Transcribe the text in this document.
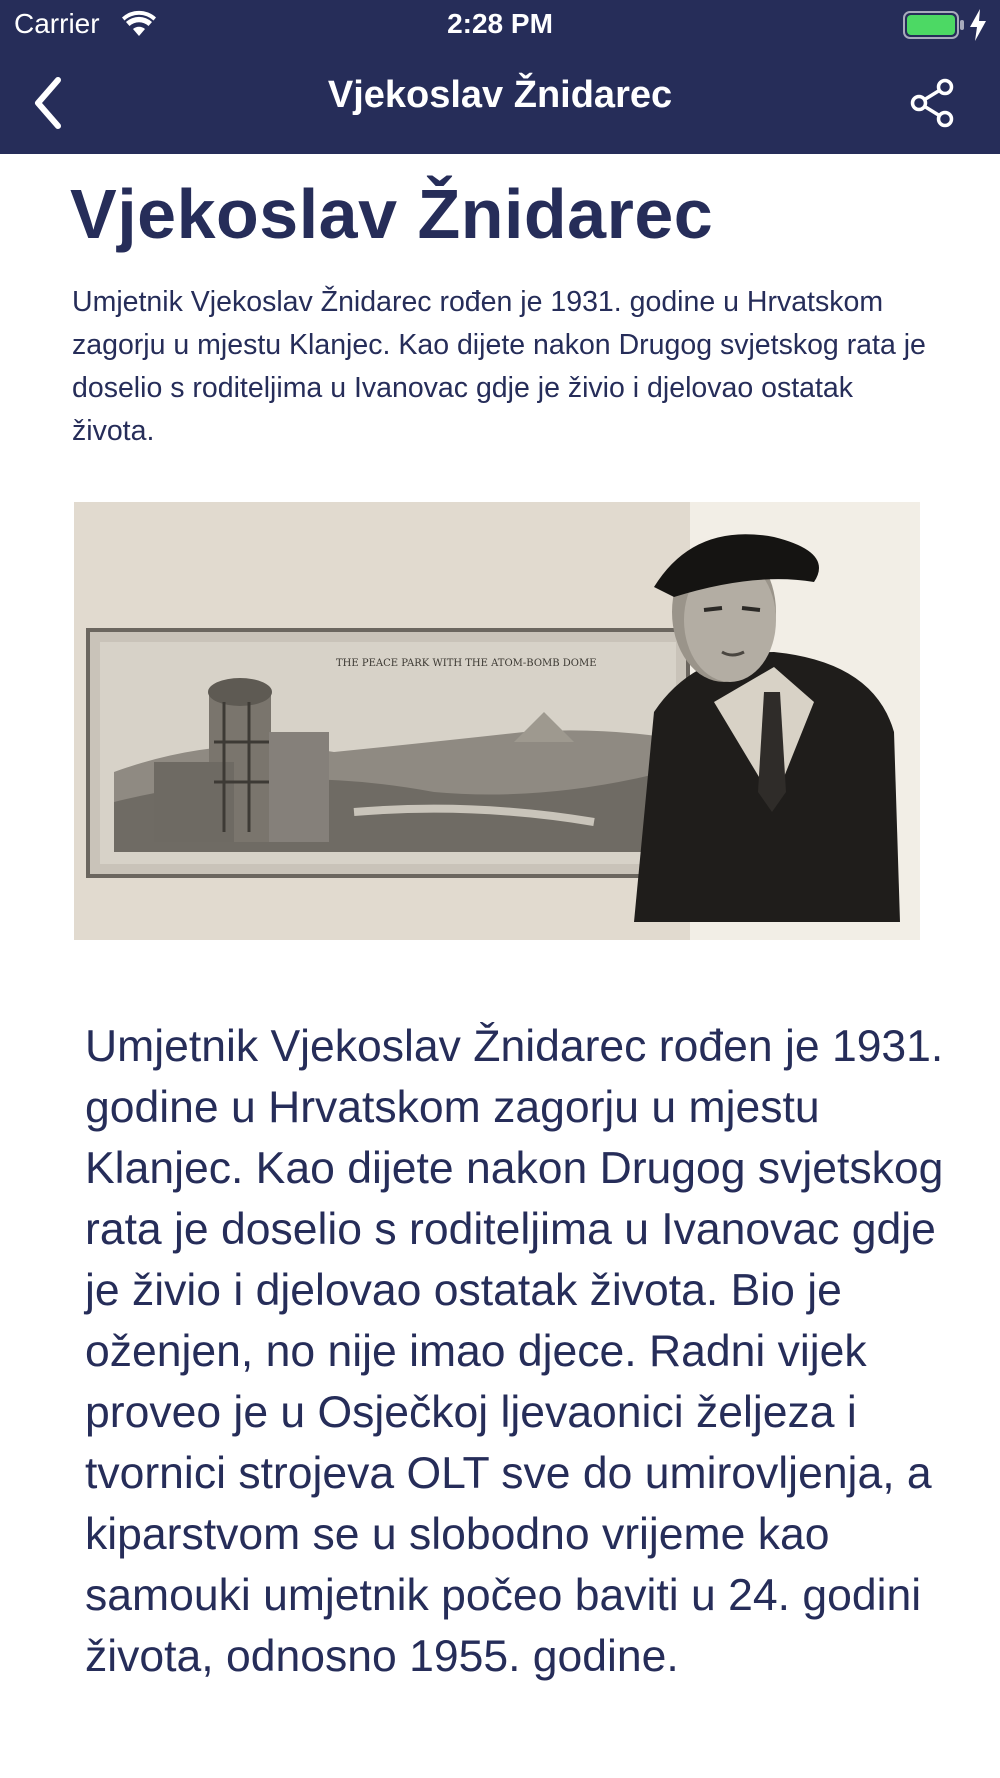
Carrier	2:28 PM
Vjekoslav Žnidarec
Vjekoslav Žnidarec

Umjetnik Vjekoslav Žnidarec rođen je 1931. godine u Hrvatskom zagorju u mjestu Klanjec. Kao dijete nakon Drugog svjetskog rata je doselio s roditeljima u Ivanovac gdje je živio i djelovao ostatak života.

THE PEACE PARK WITH THE ATOM-BOMB DOME

Umjetnik Vjekoslav Žnidarec rođen je 1931. godine u Hrvatskom zagorju u mjestu Klanjec. Kao dijete nakon Drugog svjetskog rata je doselio s roditeljima u Ivanovac gdje je živio i djelovao ostatak života. Bio je oženjen, no nije imao djece. Radni vijek proveo je u Osječkoj ljevaonici željeza i tvornici strojeva OLT sve do umirovljenja, a kiparstvom se u slobodno vrijeme kao samouki umjetnik počeo baviti u 24. godini života, odnosno 1955. godine.
